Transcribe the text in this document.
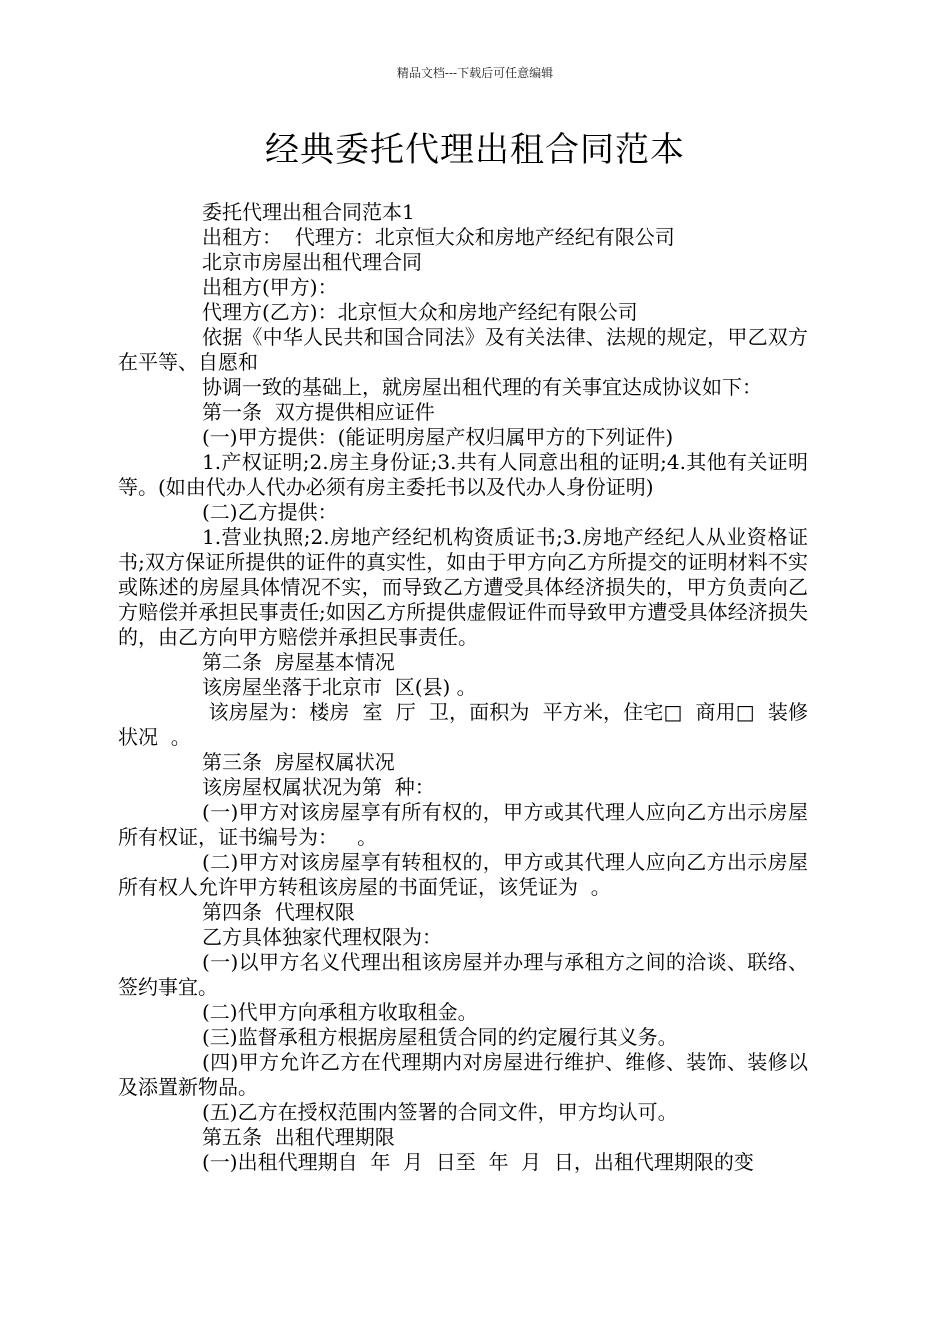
精品文档---下载后可任意编辑
经典委托代理出租合同范本

委托代理出租合同范本1

出租方：  代理方：北京恒大众和房地产经纪有限公司

北京市房屋出租代理合同

出租方(甲方)：

代理方(乙方)：北京恒大众和房地产经纪有限公司

依据《中华人民共和国合同法》及有关法律、法规的规定，甲乙双方在平等、自愿和

协调一致的基础上，就房屋出租代理的有关事宜达成协议如下：

第一条  双方提供相应证件

(一)甲方提供：(能证明房屋产权归属甲方的下列证件)

1.产权证明;2.房主身份证;3.共有人同意出租的证明;4.其他有关证明等。(如由代办人代办必须有房主委托书以及代办人身份证明)

(二)乙方提供：

1.营业执照;2.房地产经纪机构资质证书;3.房地产经纪人从业资格证书;双方保证所提供的证件的真实性，如由于甲方向乙方所提交的证明材料不实或陈述的房屋具体情况不实，而导致乙方遭受具体经济损失的，甲方负责向乙方赔偿并承担民事责任;如因乙方所提供虚假证件而导致甲方遭受具体经济损失的，由乙方向甲方赔偿并承担民事责任。

第二条  房屋基本情况

该房屋坐落于北京市  区(县) 。

该房屋为：楼房  室  厅  卫，面积为  平方米，住宅□  商用□  装修状况  。

第三条  房屋权属状况

该房屋权属状况为第  种：

(一)甲方对该房屋享有所有权的，甲方或其代理人应向乙方出示房屋所有权证，证书编号为：   。

(二)甲方对该房屋享有转租权的，甲方或其代理人应向乙方出示房屋所有权人允许甲方转租该房屋的书面凭证，该凭证为  。

第四条  代理权限

乙方具体独家代理权限为：

(一)以甲方名义代理出租该房屋并办理与承租方之间的洽谈、联络、签约事宜。

(二)代甲方向承租方收取租金。

(三)监督承租方根据房屋租赁合同的约定履行其义务。

(四)甲方允许乙方在代理期内对房屋进行维护、维修、装饰、装修以及添置新物品。

(五)乙方在授权范围内签署的合同文件，甲方均认可。

第五条  出租代理期限

(一)出租代理期自  年  月  日至  年  月  日，出租代理期限的变
